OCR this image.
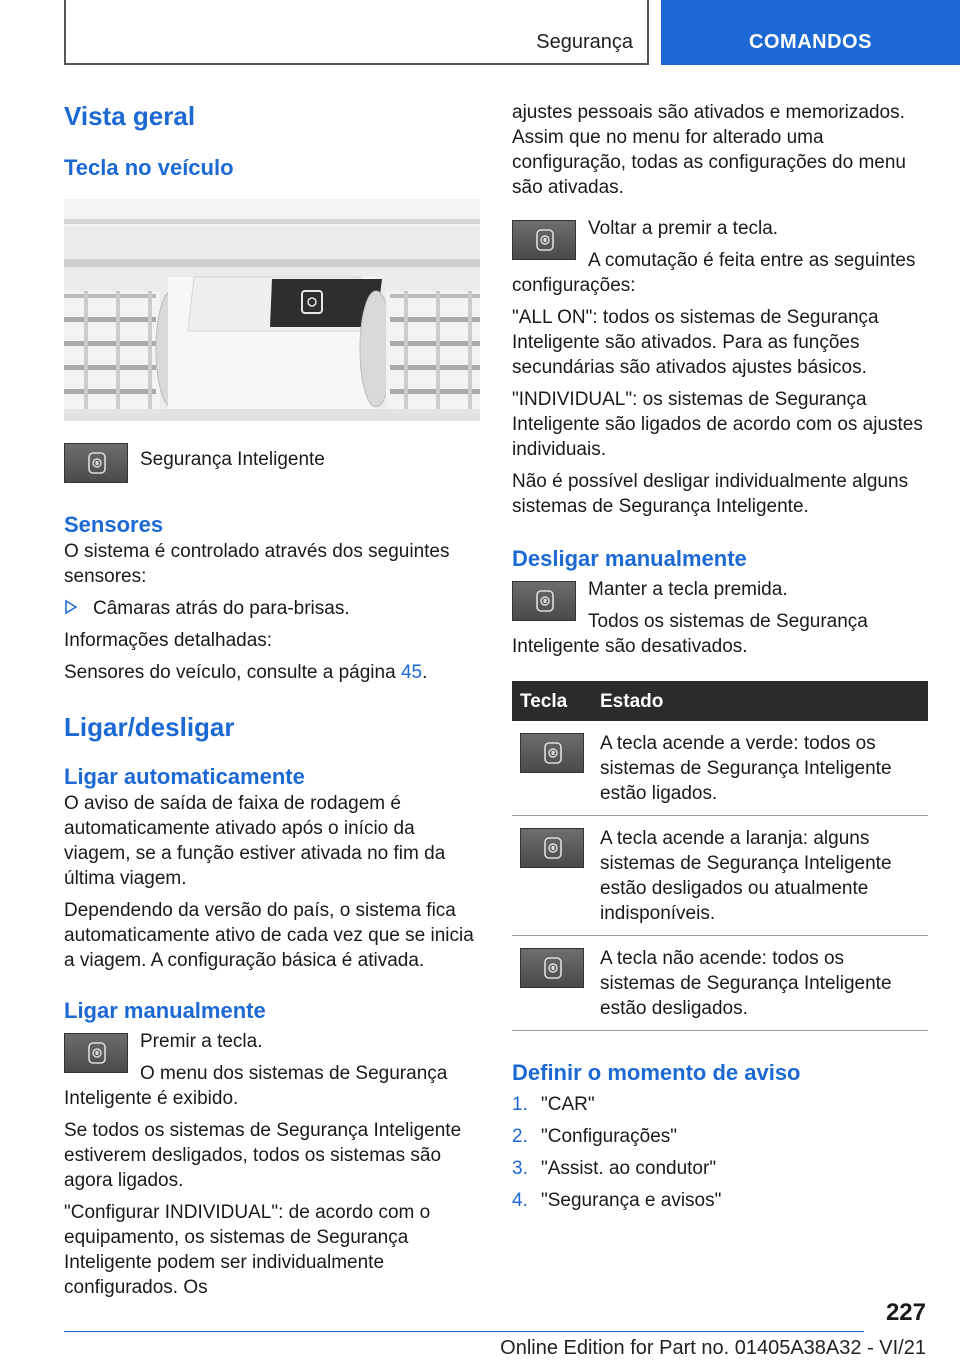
Segurança	COMANDOS
Vista geral
Tecla no veículo

Segurança Inteligente

Sensores

O sistema é controlado através dos seguintes sensores:

Câmaras atrás do para-brisas.

Informações detalhadas:

Sensores do veículo, consulte a página 45.

Ligar/desligar
Ligar automaticamente

O aviso de saída de faixa de rodagem é automaticamente ativado após o início da viagem, se a função estiver ativada no fim da última viagem.

Dependendo da versão do país, o sistema fica automaticamente ativo de cada vez que se inicia a viagem. A configuração básica é ativada.

Ligar manualmente

Premir a tecla.

O menu dos sistemas de Segurança Inteligente é exibido.

Se todos os sistemas de Segurança Inteligente estiverem desligados, todos os sistemas são agora ligados.

"Configurar INDIVIDUAL": de acordo com o equipamento, os sistemas de Segurança Inteligente podem ser individualmente configurados. Os

ajustes pessoais são ativados e memorizados. Assim que no menu for alterado uma configuração, todas as configurações do menu são ativadas.

Voltar a premir a tecla.

A comutação é feita entre as seguintes configurações:

"ALL ON": todos os sistemas de Segurança Inteligente são ativados. Para as funções secundárias são ativados ajustes básicos.

"INDIVIDUAL": os sistemas de Segurança Inteligente são ligados de acordo com os ajustes individuais.

Não é possível desligar individualmente alguns sistemas de Segurança Inteligente.

Desligar manualmente

Manter a tecla premida.

Todos os sistemas de Segurança Inteligente são desativados.

Tecla	Estado

	A tecla acende a verde: todos os sistemas de Segurança Inteligente estão ligados.

	A tecla acende a laranja: alguns sistemas de Segurança Inteligente estão desligados ou atualmente indisponíveis.

	A tecla não acende: todos os sistemas de Segurança Inteligente estão desligados.
Definir o momento de aviso
1. "CAR"
2. "Configurações"
3. "Assist. ao condutor"
4. "Segurança e avisos"
227
Online Edition for Part no. 01405A38A32 - VI/21
